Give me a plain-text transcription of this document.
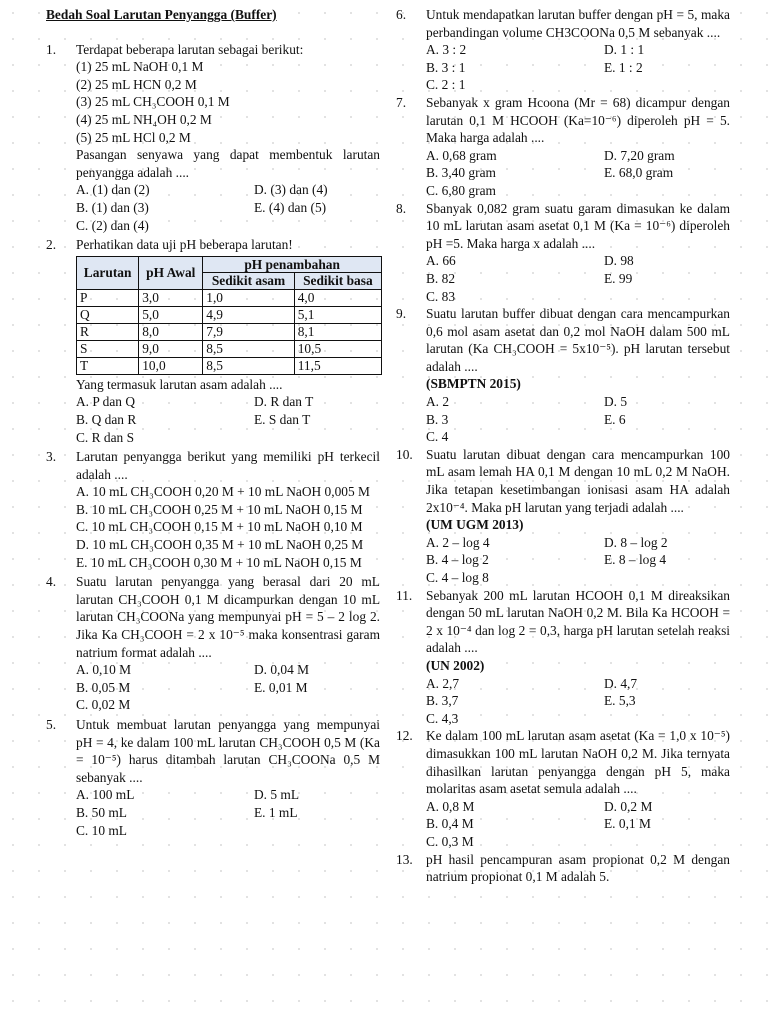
Bedah Soal Larutan Penyangga (Buffer)
1.	Terdapat beberapa larutan sebagai berikut:
(1) 25 mL NaOH 0,1 M
(2) 25 mL HCN 0,2 M
(3) 25 mL CH₃COOH 0,1 M
(4) 25 mL NH₄OH 0,2 M
(5) 25 mL HCl 0,2 M
Pasangan senyawa yang dapat membentuk larutan penyangga adalah ....
A. (1) dan (2)	D. (3) dan (4)
B. (1) dan (3)	E. (4) dan (5)
C. (2) dan (4)
2.	Perhatikan data uji pH beberapa larutan!
Larutan	pH Awal	pH penambahan	
		Sedikit asam	Sedikit basa
P	3,0	1,0	4,0
Q	5,0	4,9	5,1
R	8,0	7,9	8,1
S	9,0	8,5	10,5
T	10,0	8,5	11,5
Yang termasuk larutan asam adalah ....
A. P dan Q	D. R dan T
B. Q dan R	E. S dan T
C. R dan S
3.	Larutan penyangga berikut yang memiliki pH terkecil adalah ....
A. 10 mL CH₃COOH 0,20 M + 10 mL NaOH 0,005 M
B. 10 mL CH₃COOH 0,25 M + 10 mL NaOH 0,15 M
C. 10 mL CH₃COOH 0,15 M + 10 mL NaOH 0,10 M
D. 10 mL CH₃COOH 0,35 M + 10 mL NaOH 0,25 M
E. 10 mL CH₃COOH 0,30 M + 10 mL NaOH 0,15 M
4.	Suatu larutan penyangga yang berasal dari 20 mL larutan CH₃COOH 0,1 M dicampurkan dengan 10 mL larutan CH₃COONa yang mempunyai pH = 5 – 2 log 2. Jika Ka CH₃COOH = 2 x 10⁻⁵ maka konsentrasi garam natrium format adalah ....
A. 0,10 M	D. 0,04 M
B. 0,05 M	E. 0,01 M
C. 0,02 M
5.	Untuk membuat larutan penyangga yang mempunyai pH = 4, ke dalam 100 mL larutan CH₃COOH 0,5 M (Ka = 10⁻⁵) harus ditambah larutan CH₃COONa 0,5 M sebanyak ....
A. 100 mL	D. 5 mL
B. 50 mL	E. 1 mL
C. 10 mL
6.	Untuk mendapatkan larutan buffer dengan pH = 5, maka perbandingan volume CH3COONa 0,5 M sebanyak ....
A. 3 : 2	D. 1 : 1
B. 3 : 1	E. 1 : 2
C. 2 : 1
7.	Sebanyak x gram Hcoona (Mr = 68) dicampur dengan larutan 0,1 M HCOOH (Ka=10⁻⁶) diperoleh pH = 5. Maka harga adalah ....
A. 0,68 gram	D. 7,20 gram
B. 3,40 gram	E. 68,0 gram
C. 6,80 gram
8.	Sbanyak 0,082 gram suatu garam dimasukan ke dalam 10 mL larutan asam asetat 0,1 M (Ka = 10⁻⁶) diperoleh pH =5. Maka harga x adalah ....
A. 66	D. 98
B. 82	E. 99
C. 83
9.	Suatu larutan buffer dibuat dengan cara mencampurkan 0,6 mol asam asetat dan 0,2 mol NaOH dalam 500 mL larutan (Ka CH₃COOH = 5x10⁻⁵). pH larutan tersebut adalah ....
(SBMPTN 2015)
A. 2	D. 5
B. 3	E. 6
C. 4
10. Suatu larutan dibuat dengan cara mencampurkan 100 mL asam lemah HA 0,1 M dengan 10 mL 0,2 M NaOH. Jika tetapan kesetimbangan ionisasi asam HA adalah 2x10⁻⁴. Maka pH larutan yang terjadi adalah ....
(UM UGM 2013)
A. 2 – log 4	D. 8 – log 2
B. 4 – log 2	E. 8 – log 4
C. 4 – log 8
11.	Sebanyak 200 mL larutan HCOOH 0,1 M direaksikan dengan 50 mL larutan NaOH 0,2 M. Bila Ka HCOOH = 2 x 10⁻⁴ dan log 2 = 0,3, harga pH larutan setelah reaksi adalah ....
(UN 2002)
A. 2,7	D. 4,7
B. 3,7	E. 5,3
C. 4,3
12. Ke dalam 100 mL larutan asam asetat (Ka = 1,0 x 10⁻⁵) dimasukkan 100 mL larutan NaOH 0,2 M. Jika ternyata dihasilkan larutan penyangga dengan pH 5, maka molaritas asam asetat semula adalah ....
A. 0,8 M	D. 0,2 M
B. 0,4 M	E. 0,1 M
C. 0,3 M
13. pH hasil pencampuran asam propionat 0,2 M dengan natrium propionat 0,1 M adalah 5.
